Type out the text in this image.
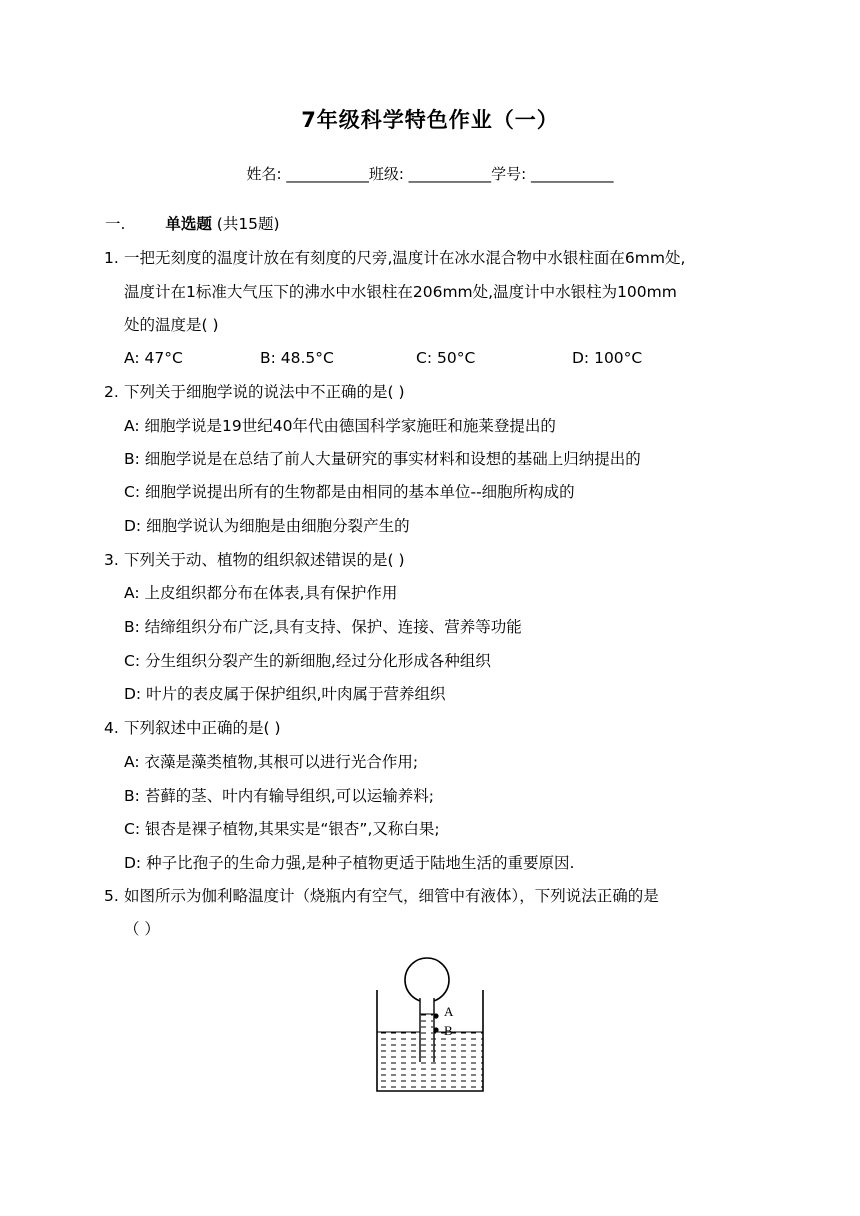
7年级科学特色作业（一）
姓名: ___________班级: ___________学号: ___________
一.	单选题 (共15题)
1. 一把无刻度的温度计放在有刻度的尺旁,温度计在冰水混合物中水银柱面在6mm处,
温度计在1标准大气压下的沸水中水银柱在206mm处,温度计中水银柱为100mm
处的温度是( )
A: 47°C	B: 48.5°C	C: 50°C	D: 100°C
2. 下列关于细胞学说的说法中不正确的是( )
A: 细胞学说是19世纪40年代由德国科学家施旺和施莱登提出的
B: 细胞学说是在总结了前人大量研究的事实材料和设想的基础上归纳提出的
C: 细胞学说提出所有的生物都是由相同的基本单位--细胞所构成的
D: 细胞学说认为细胞是由细胞分裂产生的
3. 下列关于动、植物的组织叙述错误的是( )
A: 上皮组织都分布在体表,具有保护作用
B: 结缔组织分布广泛,具有支持、保护、连接、营养等功能
C: 分生组织分裂产生的新细胞,经过分化形成各种组织
D: 叶片的表皮属于保护组织,叶肉属于营养组织
4. 下列叙述中正确的是( )
A: 衣藻是藻类植物,其根可以进行光合作用;
B: 苔藓的茎、叶内有输导组织,可以运输养料;
C: 银杏是裸子植物,其果实是“银杏”,又称白果;
D: 种子比孢子的生命力强,是种子植物更适于陆地生活的重要原因.
5. 如图所示为伽利略温度计（烧瓶内有空气，细管中有液体），下列说法正确的是
（ ）
A
B
